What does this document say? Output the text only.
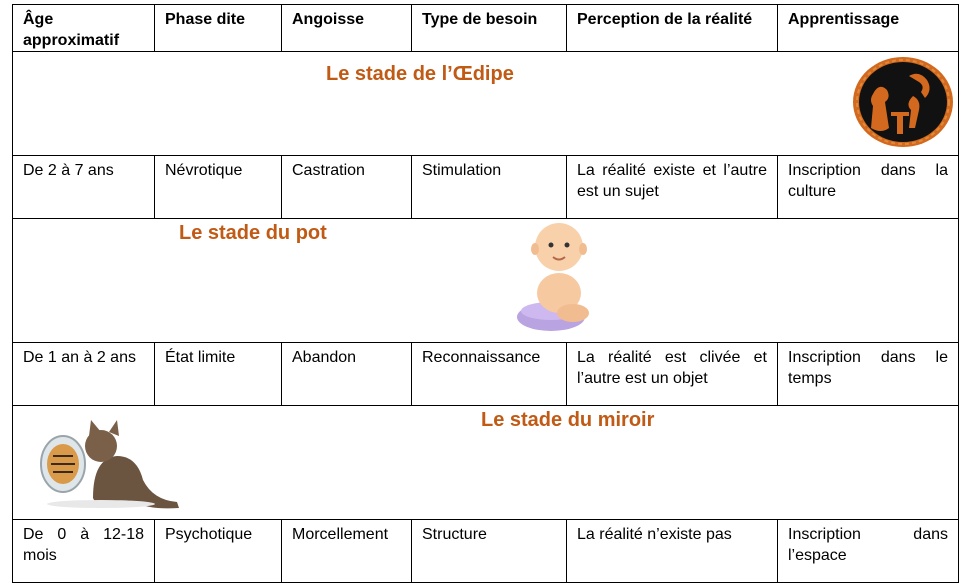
Âge approximatif	Phase dite	Angoisse	Type de besoin	Perception de la réalité	Apprentissage

Le stade de l’Œdipe					

De 2 à 7 ans	Névrotique	Castration	Stimulation	La réalité existe et l’autre est un sujet	Inscription dans la culture

Le stade du pot					

De 1 an à 2 ans	État limite	Abandon	Reconnaissance	La réalité est clivée et l’autre est un objet	Inscription dans le temps

Le stade du miroir					

De 0 à 12-18 mois	Psychotique	Morcellement	Structure	La réalité n’existe pas	Inscription dans l’espace
